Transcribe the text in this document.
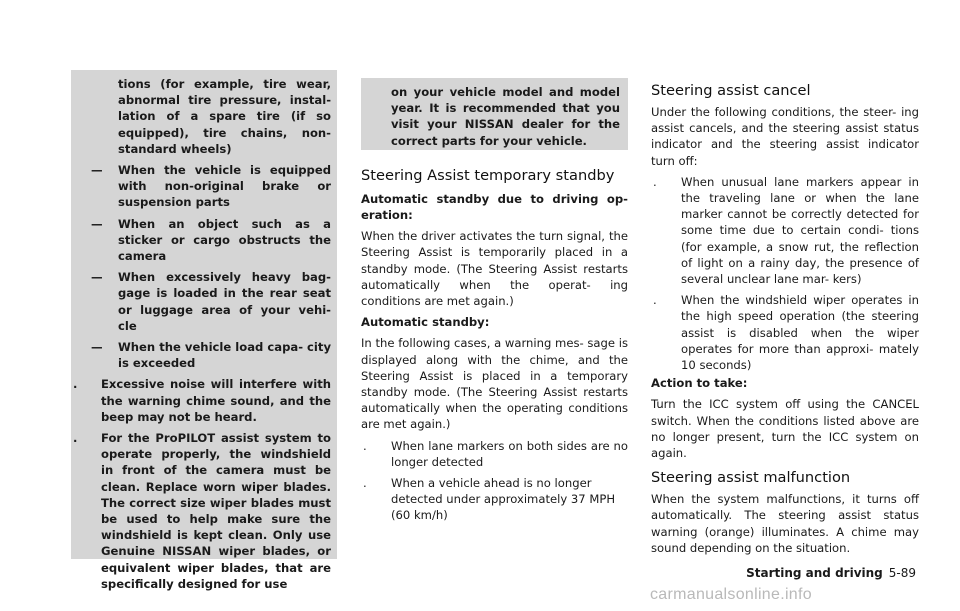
tions (for example, tire wear, abnormal tire pressure, instal- lation of a spare tire (if so equipped), tire chains, non- standard wheels)

—	When the vehicle is equipped with non-original brake or suspension parts
—	When an object such as a sticker or cargo obstructs the camera
—	When excessively heavy bag- gage is loaded in the rear seat or luggage area of your vehi- cle
—	When the vehicle load capa- city is exceeded
.	Excessive noise will interfere with the warning chime sound, and the beep may not be heard.
.	For the ProPILOT assist system to operate properly, the windshield in front of the camera must be clean. Replace worn wiper blades. The correct size wiper blades must be used to help make sure the windshield is kept clean. Only use Genuine NISSAN wiper blades, or equivalent wiper blades, that are specifically designed for use

on your vehicle model and model year. It is recommended that you visit your NISSAN dealer for the correct parts for your vehicle.

Steering Assist temporary standby

Automatic standby due to driving op- eration:

When the driver activates the turn signal, the Steering Assist is temporarily placed in a standby mode. (The Steering Assist restarts automatically when the operat- ing conditions are met again.)

Automatic standby:

In the following cases, a warning mes- sage is displayed along with the chime, and the Steering Assist is placed in a temporary standby mode. (The Steering Assist restarts automatically when the operating conditions are met again.)

.	When lane markers on both sides are no longer detected
.	When a vehicle ahead is no longer detected under approximately 37 MPH (60 km/h)
Steering assist cancel

Under the following conditions, the steer- ing assist cancels, and the steering assist status indicator and the steering assist indicator turn off:

.	When unusual lane markers appear in the traveling lane or when the lane marker cannot be correctly detected for some time due to certain condi- tions (for example, a snow rut, the reflection of light on a rainy day, the presence of several unclear lane mar- kers)
.	When the windshield wiper operates in the high speed operation (the steering assist is disabled when the wiper operates for more than approxi- mately 10 seconds)

Action to take:

Turn the ICC system off using the CANCEL switch. When the conditions listed above are no longer present, turn the ICC system on again.

Steering assist malfunction

When the system malfunctions, it turns off automatically. The steering assist status warning (orange) illuminates. A chime may sound depending on the situation.

Starting and driving 5-89
carmanualsonline.info
